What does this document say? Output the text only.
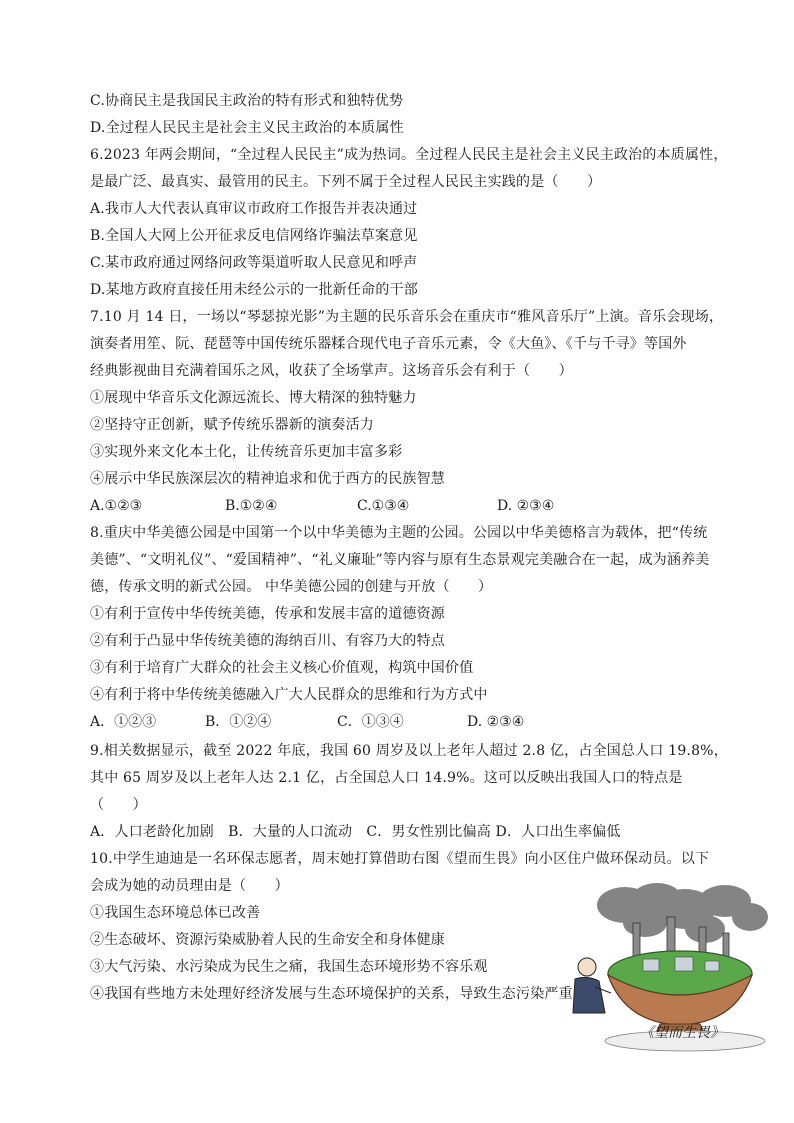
C.协商民主是我国民主政治的特有形式和独特优势
D.全过程人民民主是社会主义民主政治的本质属性
6.2023 年两会期间，“全过程人民民主”成为热词。全过程人民民主是社会主义民主政治的本质属性，
是最广泛、最真实、最管用的民主。下列不属于全过程人民民主实践的是（　　）
A.我市人大代表认真审议市政府工作报告并表决通过
B.全国人大网上公开征求反电信网络诈骗法草案意见
C.某市政府通过网络问政等渠道听取人民意见和呼声
D.某地方政府直接任用未经公示的一批新任命的干部
7.10 月 14 日，一场以“琴瑟掠光影”为主题的民乐音乐会在重庆市“雅风音乐厅”上演。音乐会现场，
演奏者用笙、阮、琵琶等中国传统乐器糅合现代电子音乐元素，令《大鱼》、《千与千寻》等国外
经典影视曲目充满着国乐之风，收获了全场掌声。这场音乐会有利于（　　）
①展现中华音乐文化源远流长、博大精深的独特魅力
②坚持守正创新，赋予传统乐器新的演奏活力
③实现外来文化本土化，让传统音乐更加丰富多彩
④展示中华民族深层次的精神追求和优于西方的民族智慧
A.①②③	B.①②④	C.①③④	D. ②③④
8.重庆中华美德公园是中国第一个以中华美德为主题的公园。公园以中华美德格言为载体，把“传统
美德”、“文明礼仪”、“爱国精神”、“礼义廉耻”等内容与原有生态景观完美融合在一起，成为涵养美
德，传承文明的新式公园。 中华美德公园的创建与开放（　　）
①有利于宣传中华传统美德，传承和发展丰富的道德资源
②有利于凸显中华传统美德的海纳百川、有容乃大的特点
③有利于培育广大群众的社会主义核心价值观，构筑中国价值
④有利于将中华传统美德融入广大人民群众的思维和行为方式中
A．①②③	B．①②④	C．①③④	D. ②③④
9.相关数据显示，截至 2022 年底，我国 60 周岁及以上老年人超过 2.8 亿，占全国总人口 19.8%，
其中 65 周岁及以上老年人达 2.1 亿，占全国总人口 14.9%。这可以反映出我国人口的特点是
（　　）
A．人口老龄化加剧　B．大量的人口流动　C．男女性别比偏高 D．人口出生率偏低
10.中学生迪迪是一名环保志愿者，周末她打算借助右图《望而生畏》向小区住户做环保动员。以下
会成为她的动员理由是（　　）
①我国生态环境总体已改善
②生态破坏、资源污染威胁着人民的生命安全和身体健康
③大气污染、水污染成为民生之痛，我国生态环境形势不容乐观
④我国有些地方未处理好经济发展与生态环境保护的关系，导致生态污染严重
《望而生畏》
